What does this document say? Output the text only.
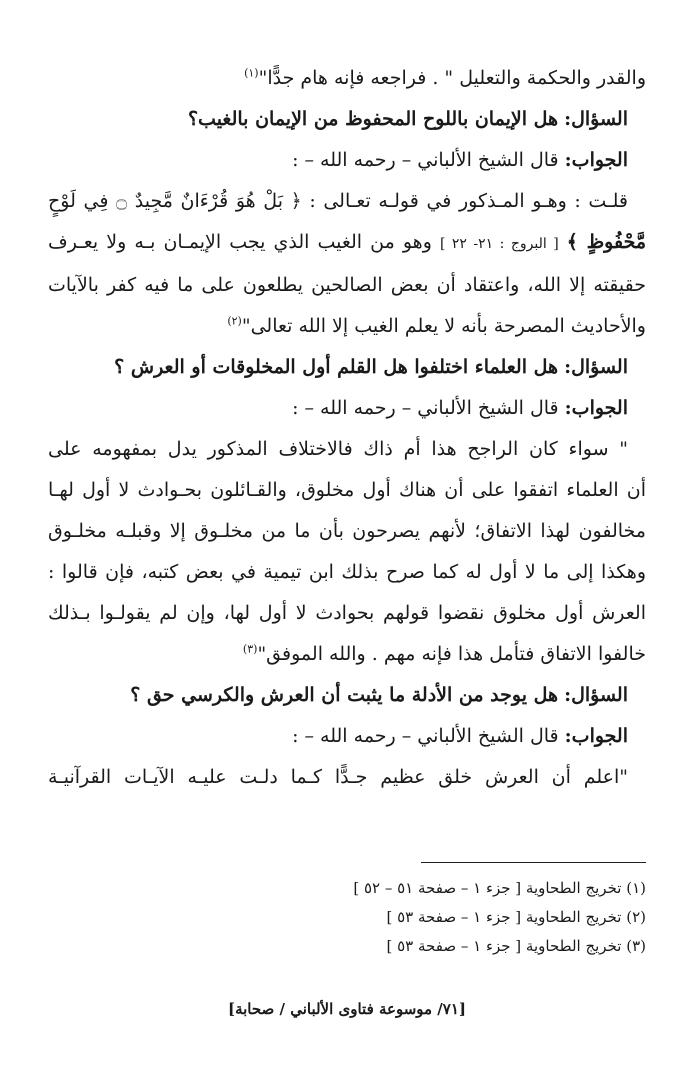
والقدر والحكمة والتعليل " . فراجعه فإنه هام جدًّا"$^{(١)}$
السؤال: هل الإيمان باللوح المحفوظ من الإيمان بالغيب؟
الجواب: قال الشيخ الألباني – رحمه الله – :
قلـت : وهـو المـذكور في قولـه تعـالى : ﴿ بَلْ هُوَ قُرْءَانٌ مَّجِيدٌ ۝ فِي لَوْحٍ
مَّحْفُوظٍ ﴾ [ البروج : ٢١- ٢٢ ] وهو من الغيب الذي يجب الإيمـان بـه ولا يعـرف
حقيقته إلا الله، واعتقاد أن بعض الصالحين يطلعون على ما فيه كفر بالآيات
والأحاديث المصرحة بأنه لا يعلم الغيب إلا الله تعالى"$^{(٢)}$
السؤال: هل العلماء اختلفوا هل القلم أول المخلوقات أو العرش ؟
الجواب: قال الشيخ الألباني – رحمه الله – :
" سواء كان الراجح هذا أم ذاك فالاختلاف المذكور يدل بمفهومه على
أن العلماء اتفقوا على أن هناك أول مخلوق، والقـائلون بحـوادث لا أول لهـا
مخالفون لهذا الاتفاق؛ لأنهم يصرحون بأن ما من مخلـوق إلا وقبلـه مخلـوق
وهكذا إلى ما لا أول له كما صرح بذلك ابن تيمية في بعض كتبه، فإن قالوا :
العرش أول مخلوق نقضوا قولهم بحوادث لا أول لها، وإن لم يقولـوا بـذلك
خالفوا الاتفاق فتأمل هذا فإنه مهم . والله الموفق"$^{(٣)}$
السؤال: هل يوجد من الأدلة ما يثبت أن العرش والكرسي حق ؟
الجواب: قال الشيخ الألباني – رحمه الله – :
"اعلم أن العرش خلق عظيم جـدًّا كـما دلـت عليـه الآيـات القرآنيـة
(١) تخريج الطحاوية [ جزء ١ – صفحة ٥١ – ٥٢ ]
(٢) تخريج الطحاوية [ جزء ١ – صفحة ٥٣ ]
(٣) تخريج الطحاوية [ جزء ١ – صفحة ٥٣ ]
[٧١/ موسوعة فتاوى الألباني / صحابة]
